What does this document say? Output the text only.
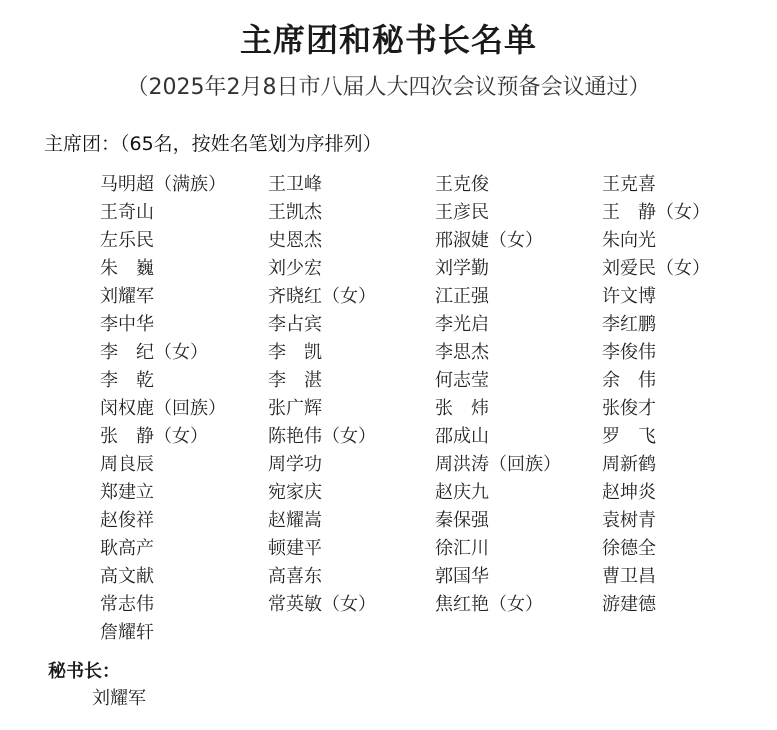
主席团和秘书长名单
（2025年2月8日市八届人大四次会议预备会议通过）
主席团：（65名，按姓名笔划为序排列）
马明超（满族）	王卫峰	王克俊	王克喜
王奇山	王凯杰	王彦民	王　静（女）
左乐民	史恩杰	邢淑婕（女）	朱向光
朱　巍	刘少宏	刘学勤	刘爱民（女）
刘耀军	齐晓红（女）	江正强	许文博
李中华	李占宾	李光启	李红鹏
李　纪（女）	李　凯	李思杰	李俊伟
李　乾	李　湛	何志莹	余　伟
闵权鹿（回族）	张广辉	张　炜	张俊才
张　静（女）	陈艳伟（女）	邵成山	罗　飞
周良辰	周学功	周洪涛（回族）	周新鹤
郑建立	宛家庆	赵庆九	赵坤炎
赵俊祥	赵耀嵩	秦保强	袁树青
耿高产	顿建平	徐汇川	徐德全
高文献	高喜东	郭国华	曹卫昌
常志伟	常英敏（女）	焦红艳（女）	游建德
詹耀轩
秘书长：
刘耀军
